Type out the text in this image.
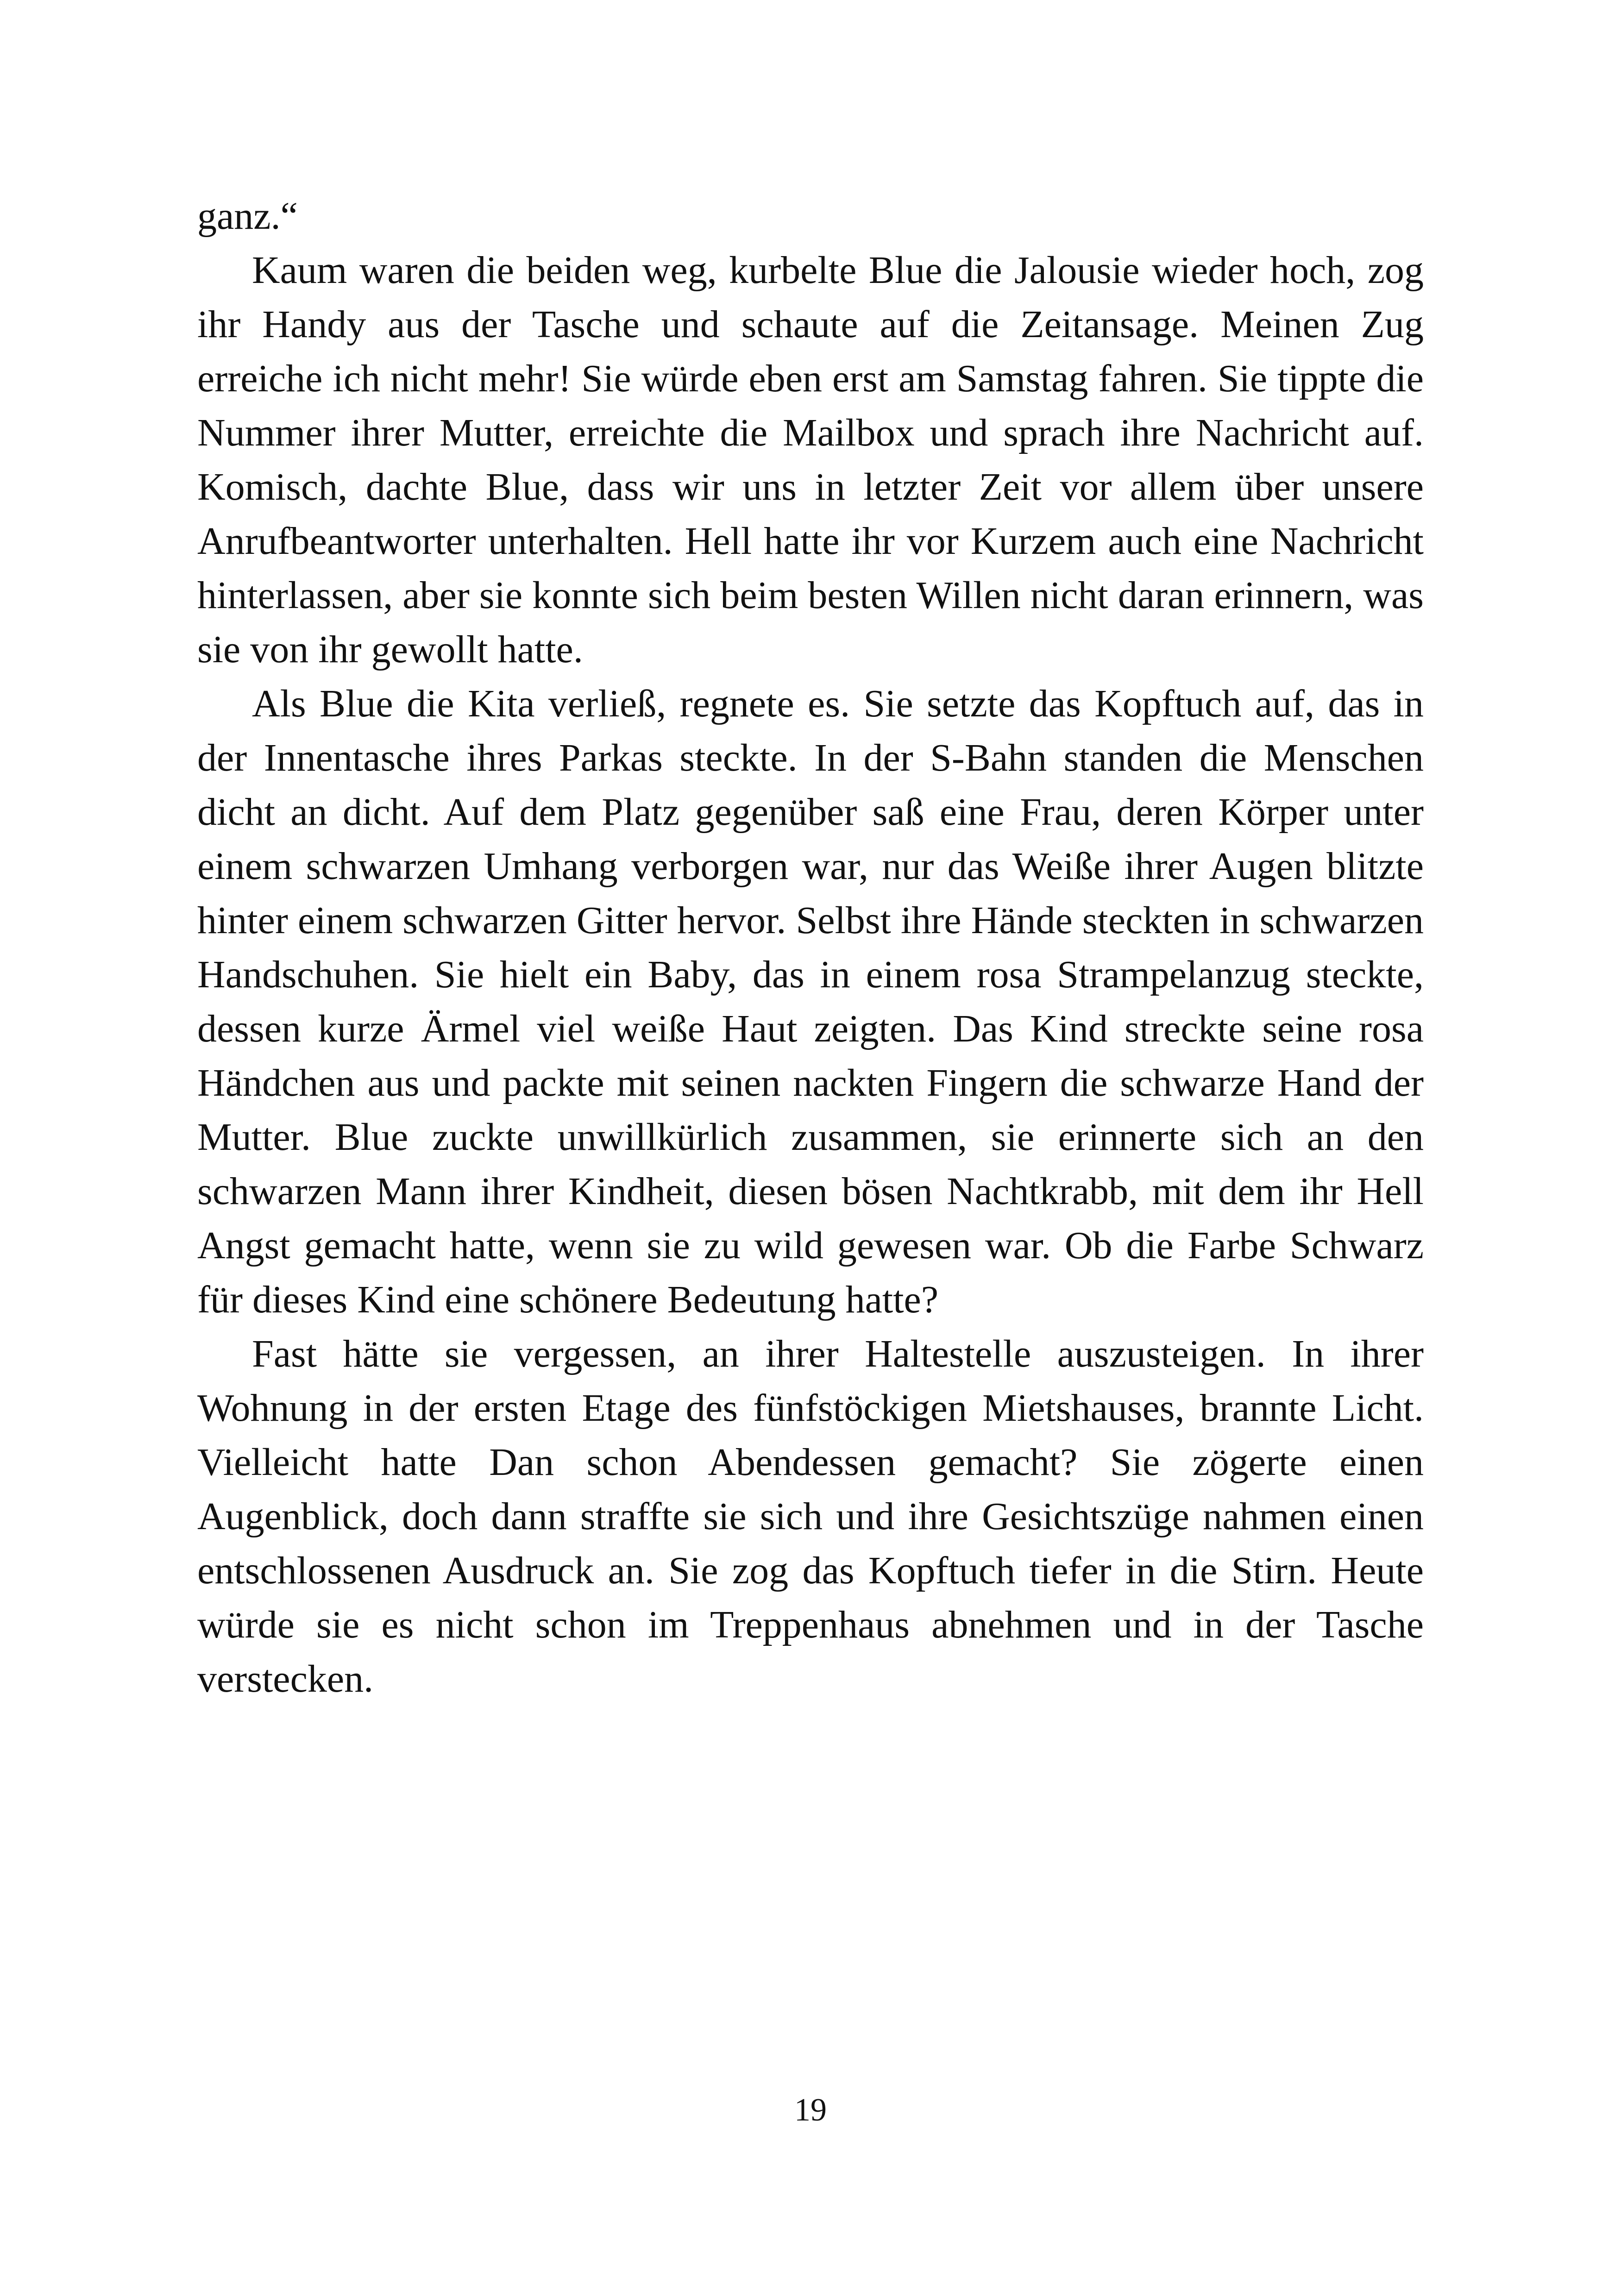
ganz.“

Kaum waren die beiden weg, kurbelte Blue die Jalousie wieder hoch, zog ihr Handy aus der Tasche und schaute auf die Zeitansage. Meinen Zug erreiche ich nicht mehr! Sie würde eben erst am Samstag fahren. Sie tippte die Nummer ihrer Mutter, erreichte die Mailbox und sprach ihre Nachricht auf. Komisch, dachte Blue, dass wir uns in letzter Zeit vor allem über unsere Anrufbeantworter unterhalten. Hell hatte ihr vor Kurzem auch eine Nachricht hinterlassen, aber sie konnte sich beim besten Willen nicht daran erinnern, was sie von ihr gewollt hatte.

Als Blue die Kita verließ, regnete es. Sie setzte das Kopftuch auf, das in der Innentasche ihres Parkas steckte. In der S-Bahn standen die Menschen dicht an dicht. Auf dem Platz gegenüber saß eine Frau, deren Körper unter einem schwarzen Umhang verborgen war, nur das Weiße ihrer Augen blitzte hinter einem schwarzen Gitter hervor. Selbst ihre Hände steckten in schwarzen Handschuhen. Sie hielt ein Baby, das in einem rosa Strampelanzug steckte, dessen kurze Ärmel viel weiße Haut zeigten. Das Kind streckte seine rosa Händchen aus und packte mit seinen nackten Fingern die schwarze Hand der Mutter. Blue zuckte unwillkürlich zusammen, sie erinnerte sich an den schwarzen Mann ihrer Kindheit, diesen bösen Nachtkrabb, mit dem ihr Hell Angst gemacht hatte, wenn sie zu wild gewesen war. Ob die Farbe Schwarz für dieses Kind eine schönere Bedeutung hatte?

Fast hätte sie vergessen, an ihrer Haltestelle auszusteigen. In ihrer Wohnung in der ersten Etage des fünfstöckigen Mietshauses, brannte Licht. Vielleicht hatte Dan schon Abendessen gemacht? Sie zögerte einen Augenblick, doch dann straffte sie sich und ihre Gesichtszüge nahmen einen entschlossenen Ausdruck an. Sie zog das Kopftuch tiefer in die Stirn. Heute würde sie es nicht schon im Treppenhaus abnehmen und in der Tasche verstecken.

19
